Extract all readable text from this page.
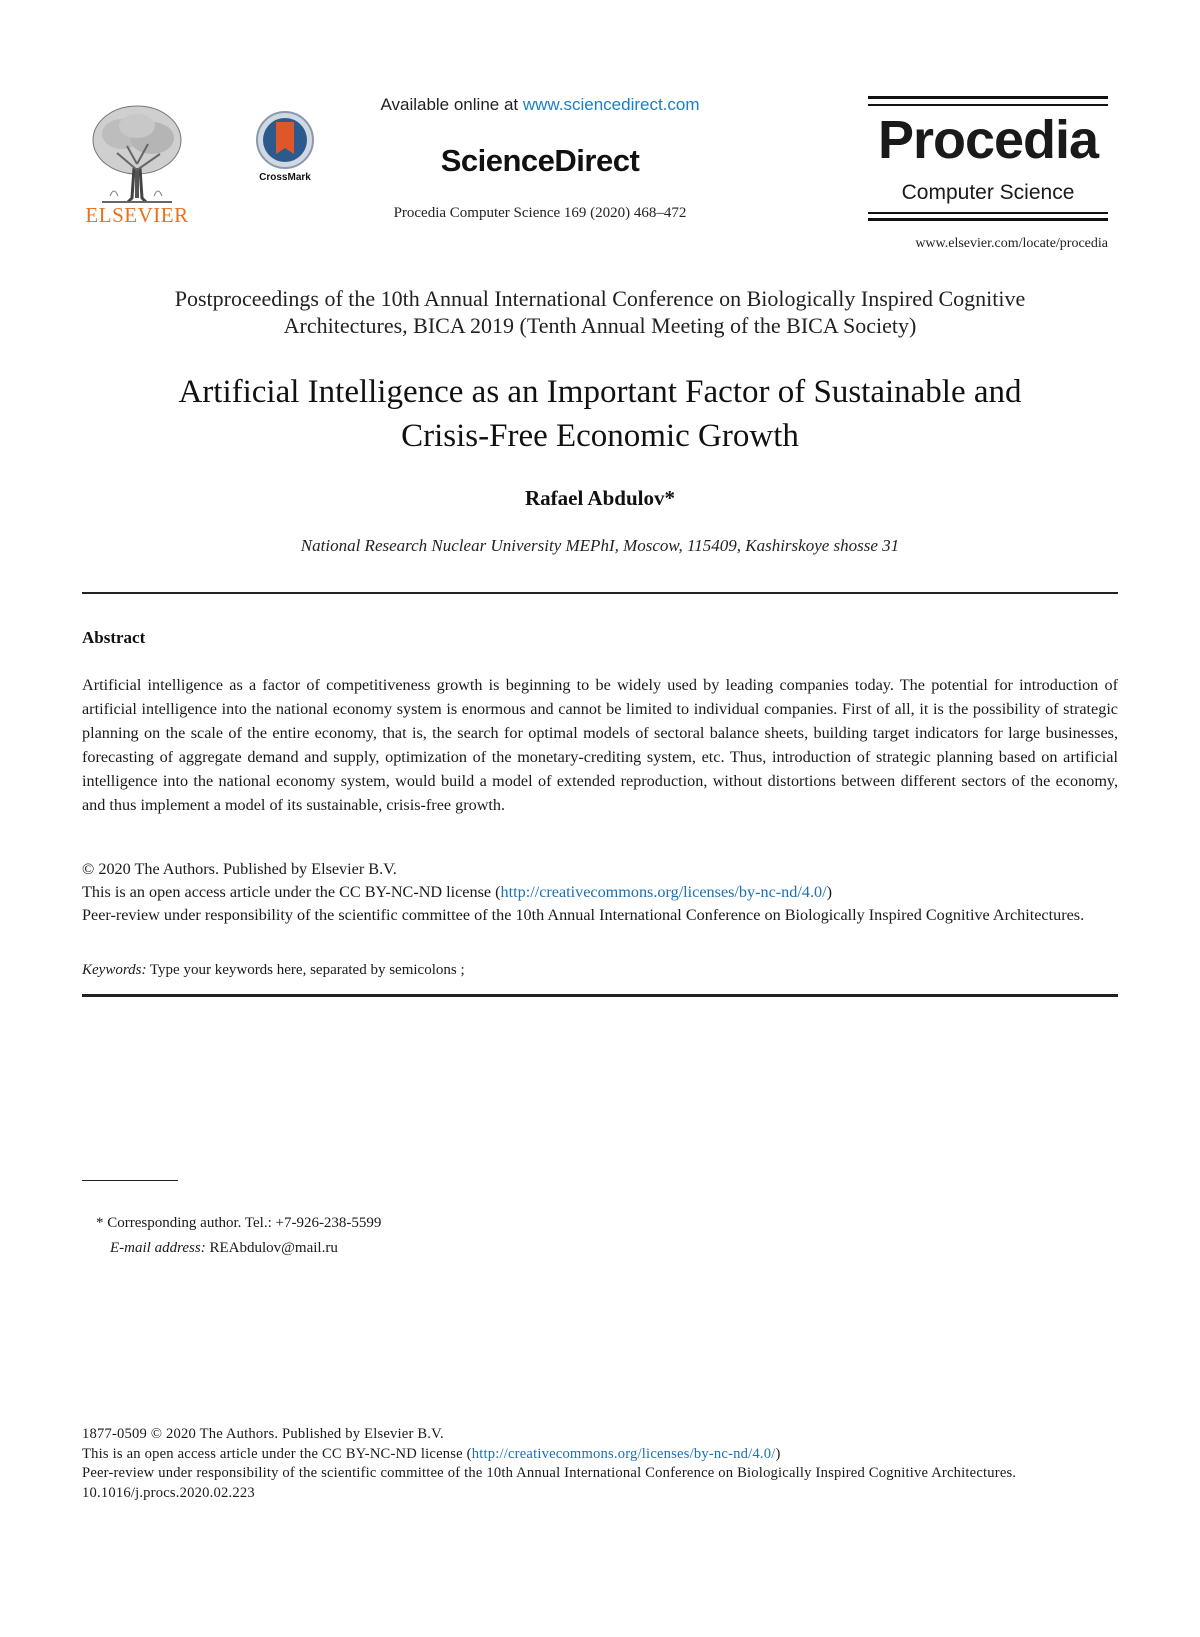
ELSEVIER
CrossMark
Available online at www.sciencedirect.com
ScienceDirect
Procedia Computer Science 169 (2020) 468–472
Procedia
Computer Science
www.elsevier.com/locate/procedia
Postproceedings of the 10th Annual International Conference on Biologically Inspired Cognitive
Architectures, BICA 2019 (Tenth Annual Meeting of the BICA Society)
Artificial Intelligence as an Important Factor of Sustainable and
Crisis-Free Economic Growth
Rafael Abdulov*
National Research Nuclear University MEPhI, Moscow, 115409, Kashirskoye shosse 31
Abstract
Artificial intelligence as a factor of competitiveness growth is beginning to be widely used by leading companies today. The potential for introduction of artificial intelligence into the national economy system is enormous and cannot be limited to individual companies. First of all, it is the possibility of strategic planning on the scale of the entire economy, that is, the search for optimal models of sectoral balance sheets, building target indicators for large businesses, forecasting of aggregate demand and supply, optimization of the monetary-crediting system, etc. Thus, introduction of strategic planning based on artificial intelligence into the national economy system, would build a model of extended reproduction, without distortions between different sectors of the economy, and thus implement a model of its sustainable, crisis-free growth.
© 2020 The Authors. Published by Elsevier B.V.
This is an open access article under the CC BY-NC-ND license (http://creativecommons.org/licenses/by-nc-nd/4.0/)
Peer-review under responsibility of the scientific committee of the 10th Annual International Conference on Biologically Inspired Cognitive Architectures.
Keywords: Type your keywords here, separated by semicolons ;
* Corresponding author. Tel.: +7-926-238-5599
E-mail address: REAbdulov@mail.ru
1877-0509 © 2020 The Authors. Published by Elsevier B.V.
This is an open access article under the CC BY-NC-ND license (http://creativecommons.org/licenses/by-nc-nd/4.0/)
Peer-review under responsibility of the scientific committee of the 10th Annual International Conference on Biologically Inspired Cognitive Architectures.
10.1016/j.procs.2020.02.223
